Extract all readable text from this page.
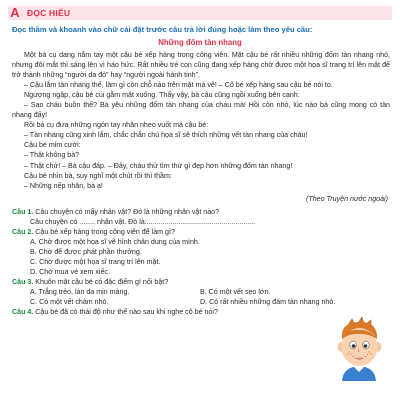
A ĐỌC HIỂU
Đọc thầm và khoanh vào chữ cái đặt trước câu trả lời đúng hoặc làm theo yêu cầu:
Những đốm tàn nhang

Một bà cụ dang nắm tay một cậu bé xếp hàng trong công viên. Mặt cậu bé rất nhiều những đốm tàn nhang nhỏ, nhưng đôi mắt thì sáng lên vì háo hức. Rất nhiều trẻ con cũng đang xếp hàng chờ được một họa sĩ trang trí lên mặt để trở thành những “người da đỏ” hay “người ngoài hành tinh”.

– Cậu lắm tàn nhang thế, làm gì còn chỗ nào trên mặt mà vẽ! – Cô bé xếp hàng sau cậu bé nói to.

Ngượng ngập, cậu bé cúi gằm mặt xuống. Thấy vậy, bà cậu cũng ngồi xuống bên cạnh:

– Sao cháu buồn thế? Bà yêu những đốm tàn nhang của cháu mà! Hồi còn nhỏ, lúc nào bà cũng mong có tàn nhang đấy!

Rồi bà cụ đưa những ngón tay nhăn nheo vuốt má cậu bé:

– Tàn nhang cũng xinh lắm, chắc chắn chú họa sĩ sẽ thích những vết tàn nhang của cháu!

Cậu bé mỉm cười:

– Thật không bà?

– Thật chứ! – Bà cậu đáp. – Đây, cháu thử tìm thứ gì đẹp hơn những đốm tàn nhang!

Cậu bé nhìn bà, suy nghĩ một chút rồi thì thầm:

– Những nếp nhăn, bà ạ!

(Theo Truyện nước ngoài)
Câu 1. Câu chuyện có mấy nhân vật? Đó là những nhân vật nào?
Câu chuyện có ........ nhân vật. Đó là:.......................................................
Câu 2. Cậu bé xếp hàng trong công viên để làm gì?
A. Chờ được một họa sĩ vẽ hình chân dung của mình.
B. Chờ để được phát phần thưởng.
C. Chờ được một họa sĩ trang trí lên mặt.
D. Chờ mua vé xem xiếc.
Câu 3. Khuôn mặt cậu bé có đặc điểm gì nổi bật?
A. Trắng trẻo, làn da mịn màng.	B. Có một vết sẹo lớn.
C. Có một vết chàm nhỏ.	D. Có rất nhiều những đám tàn nhang nhỏ.
Câu 4. Cậu bé đã có thái độ như thế nào sau khi nghe cô bé nói?
